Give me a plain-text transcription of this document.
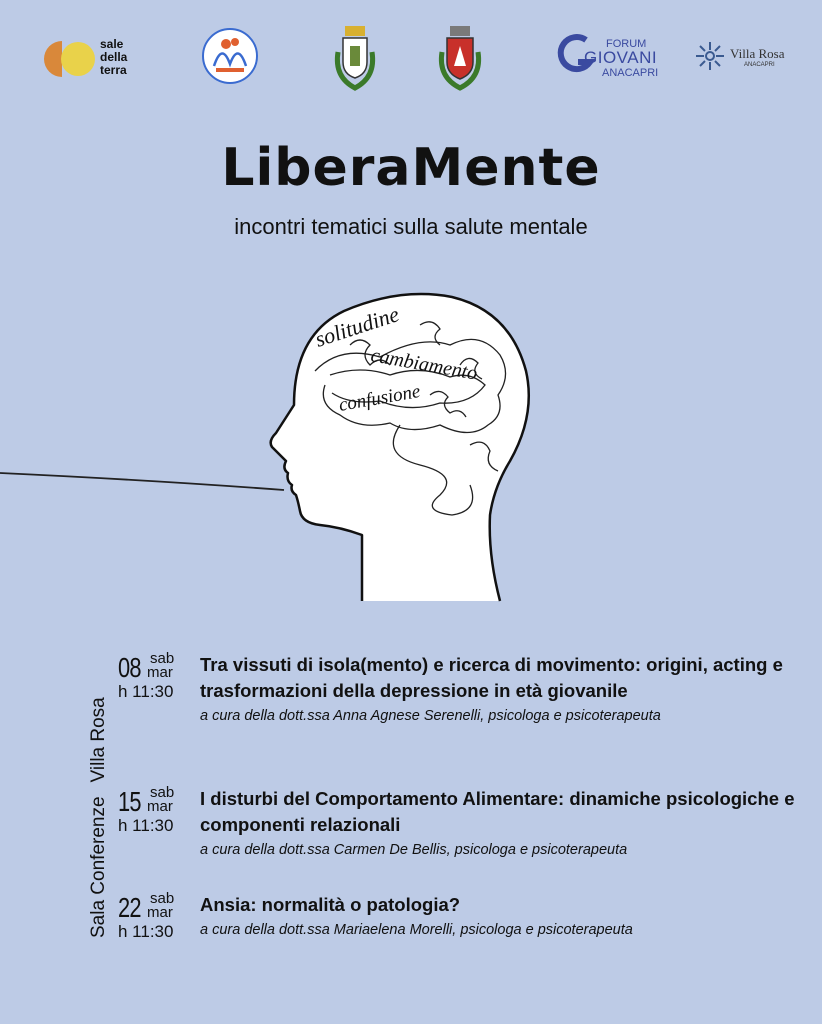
sale
della
terra
FORUM
GIOVANI
ANACAPRI
Villa Rosa
ANACAPRI
LiberaMente
incontri tematici sulla salute mentale
solitudine
cambiamento
confusione
Sala ConferenzeVilla Rosa
08 sab
mar
h 11:30
Tra vissuti di isola(mento) e ricerca di movimento: origini, acting e trasformazioni della depressione in età giovanile
a cura della dott.ssa Anna Agnese Serenelli, psicologa e psicoterapeuta
15 sab
mar
h 11:30
I disturbi del Comportamento Alimentare: dinamiche psicologiche e componenti relazionali
a cura della dott.ssa Carmen De Bellis, psicologa e psicoterapeuta
22 sab
mar
h 11:30
Ansia: normalità o patologia?
a cura della dott.ssa Mariaelena Morelli, psicologa e psicoterapeuta
